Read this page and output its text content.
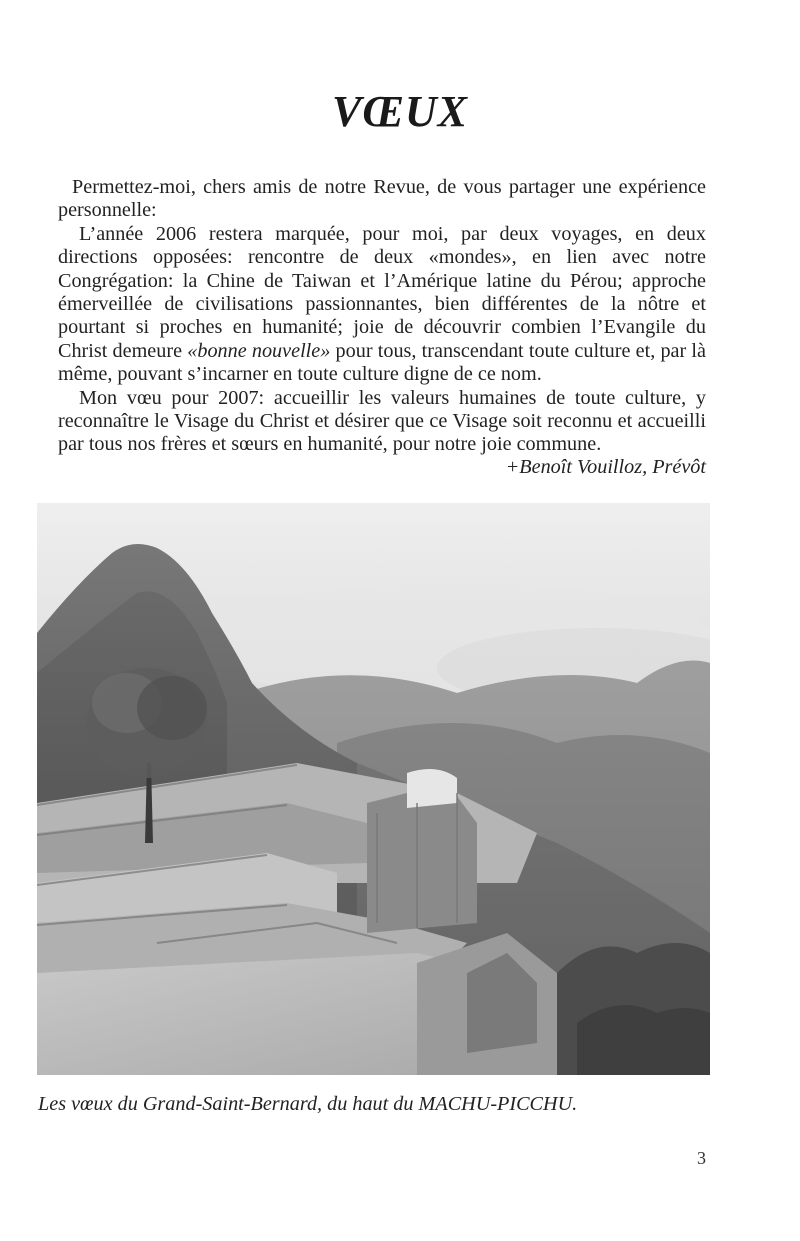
VŒUX

Permettez-moi, chers amis de notre Revue, de vous partager une expérience personnelle:

L’année 2006 restera marquée, pour moi, par deux voyages, en deux directions opposées: rencontre de deux «mondes», en lien avec notre Congrégation: la Chine de Taiwan et l’Amérique latine du Pérou; approche émerveillée de civilisations passionnantes, bien différentes de la nôtre et pourtant si proches en humanité; joie de découvrir combien l’Evangile du Christ demeure «bonne nouvelle» pour tous, transcendant toute culture et, par là même, pouvant s’incarner en toute culture digne de ce nom.

Mon vœu pour 2007: accueillir les valeurs humaines de toute culture, y reconnaître le Visage du Christ et désirer que ce Visage soit reconnu et accueilli par tous nos frères et sœurs en humanité, pour notre joie commune.

+Benoît Vouilloz, Prévôt
Les vœux du Grand-Saint-Bernard, du haut du MACHU-PICCHU.
3
